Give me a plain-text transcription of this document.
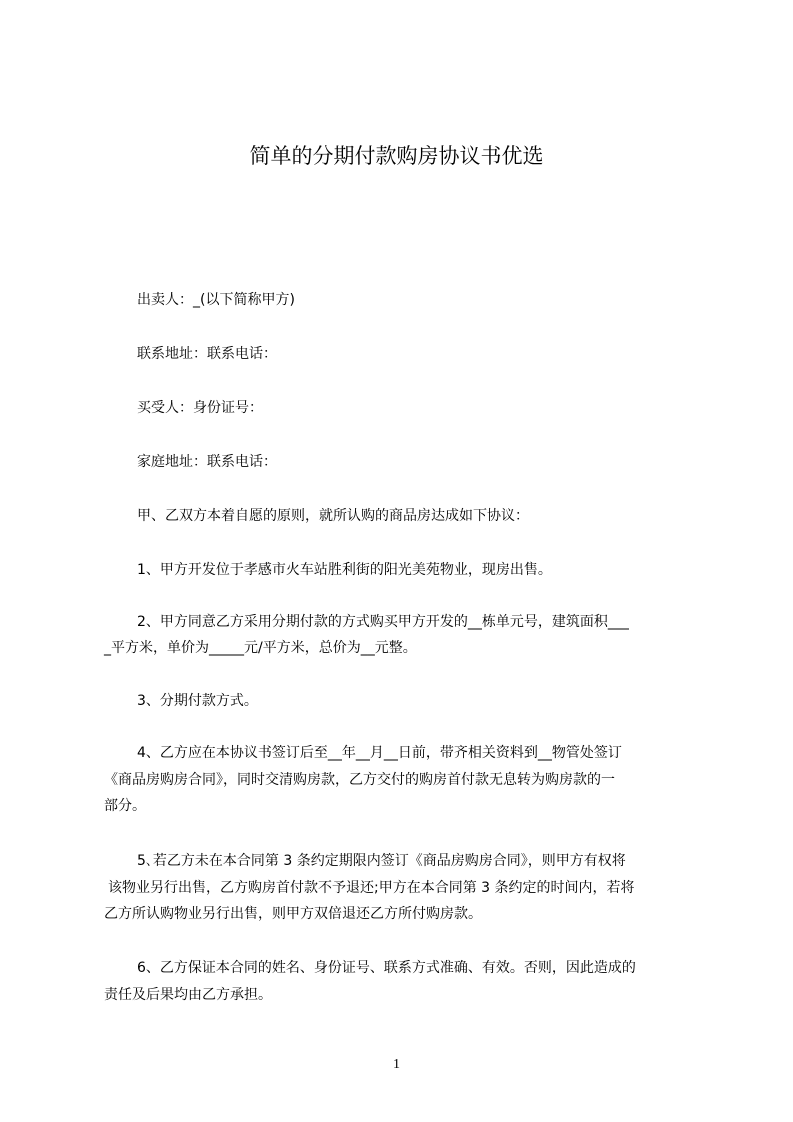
简单的分期付款购房协议书优选
出卖人：_(以下简称甲方)
联系地址：联系电话：
买受人：身份证号：
家庭地址：联系电话：
甲、乙双方本着自愿的原则，就所认购的商品房达成如下协议：
1、甲方开发位于孝感市火车站胜利街的阳光美苑物业，现房出售。
2、甲方同意乙方采用分期付款的方式购买甲方开发的__栋单元号，建筑面积___
_平方米，单价为_____元/平方米，总价为__元整。
3、分期付款方式。
4、乙方应在本协议书签订后至__年__月__日前，带齐相关资料到__物管处签订
《商品房购房合同》，同时交清购房款，乙方交付的购房首付款无息转为购房款的一
部分。
5､若乙方未在本合同第 3 条约定期限内签订《商品房购房合同》，则甲方有权将
该物业另行出售，乙方购房首付款不予退还;甲方在本合同第 3 条约定的时间内，若将
乙方所认购物业另行出售，则甲方双倍退还乙方所付购房款。
6、乙方保证本合同的姓名、身份证号、联系方式准确、有效。否则，因此造成的
责任及后果均由乙方承担。
1
